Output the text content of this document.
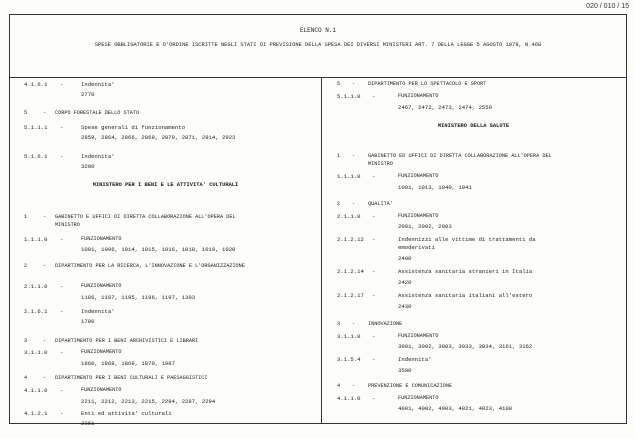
020 / 010 / 15
ELENCO N.1
SPESE OBBLIGATORIE E D'ORDINE ISCRITTE NEGLI STATI DI PREVISIONE DELLA SPESA DEI DIVERSI MINISTERI ART. 7 DELLA LEGGE 5 AGOSTO 1978, N.468
4.1.6.1 -	Indennita'
2770
5	- CORPO FORESTALE DELLO STATO
5.1.1.1 -	Spese generali di funzionamento
2859, 2864, 2866, 2869, 2870, 2871, 2914, 2923
5.1.6.1 -	Indennita'
3200
MINISTERO PER I BENI E LE ATTIVITA' CULTURALI
1	- GABINETTO E UFFICI DI DIRETTA COLLABORAZIONE ALL'OPERA DEL
MINISTRO
1.1.1.0 -	FUNZIONAMENTO
1001, 1006, 1014, 1015, 1016, 1018, 1019, 1020
2	- DIPARTIMENTO PER LA RICERCA, L'INNOVAZIONE E L'ORGANIZZAZIONE
2.1.1.0 -	FUNZIONAMENTO
1186, 1187, 1195, 1196, 1197, 1303
2.1.6.1 -	Indennita'
1780
3	- DIPARTIMENTO PER I BENI ARCHIVISTICI E LIBRARI
3.1.1.0 -	FUNZIONAMENTO
1860, 1868, 1869, 1870, 1987
4	- DIPARTIMENTO PER I BENI CULTURALI E PAESAGGISTICI
4.1.1.0 -	FUNZIONAMENTO
2211, 2212, 2213, 2215, 2284, 2287, 2294
4.1.2.1 -	Enti ed attivita' culturali
2361
5 - DIPARTIMENTO PER LO SPETTACOLO E SPORT
5.1.1.0 -	FUNZIONAMENTO
2467, 2472, 2473, 2474, 2559
MINISTERO DELLA SALUTE
1 - GABINETTO ED UFFICI DI DIRETTA COLLABORAZIONE ALL'OPERA DEL
MINISTRO
1.1.1.0 -	FUNZIONAMENTO
1001, 1013, 1040, 1041
2 - QUALITA'
2.1.1.0 -	FUNZIONAMENTO
2001, 2002, 2003
2.1.2.12 -	Indennizzi alle vittime di trattamenti da
emoderivati
2400
2.1.2.14 -	Assistenza sanitaria stranieri in Italia
2420
2.1.2.17 -	Assistenza sanitaria italiani all'estero
2430
3 - INNOVAZIONE
3.1.1.0 -	FUNZIONAMENTO
3001, 3002, 3003, 3033, 3034, 3161, 3162
3.1.5.4 -	Indennita'
3500
4 - PREVENZIONE E COMUNICAZIONE
4.1.1.0 -	FUNZIONAMENTO
4001, 4002, 4003, 4021, 4023, 4108
